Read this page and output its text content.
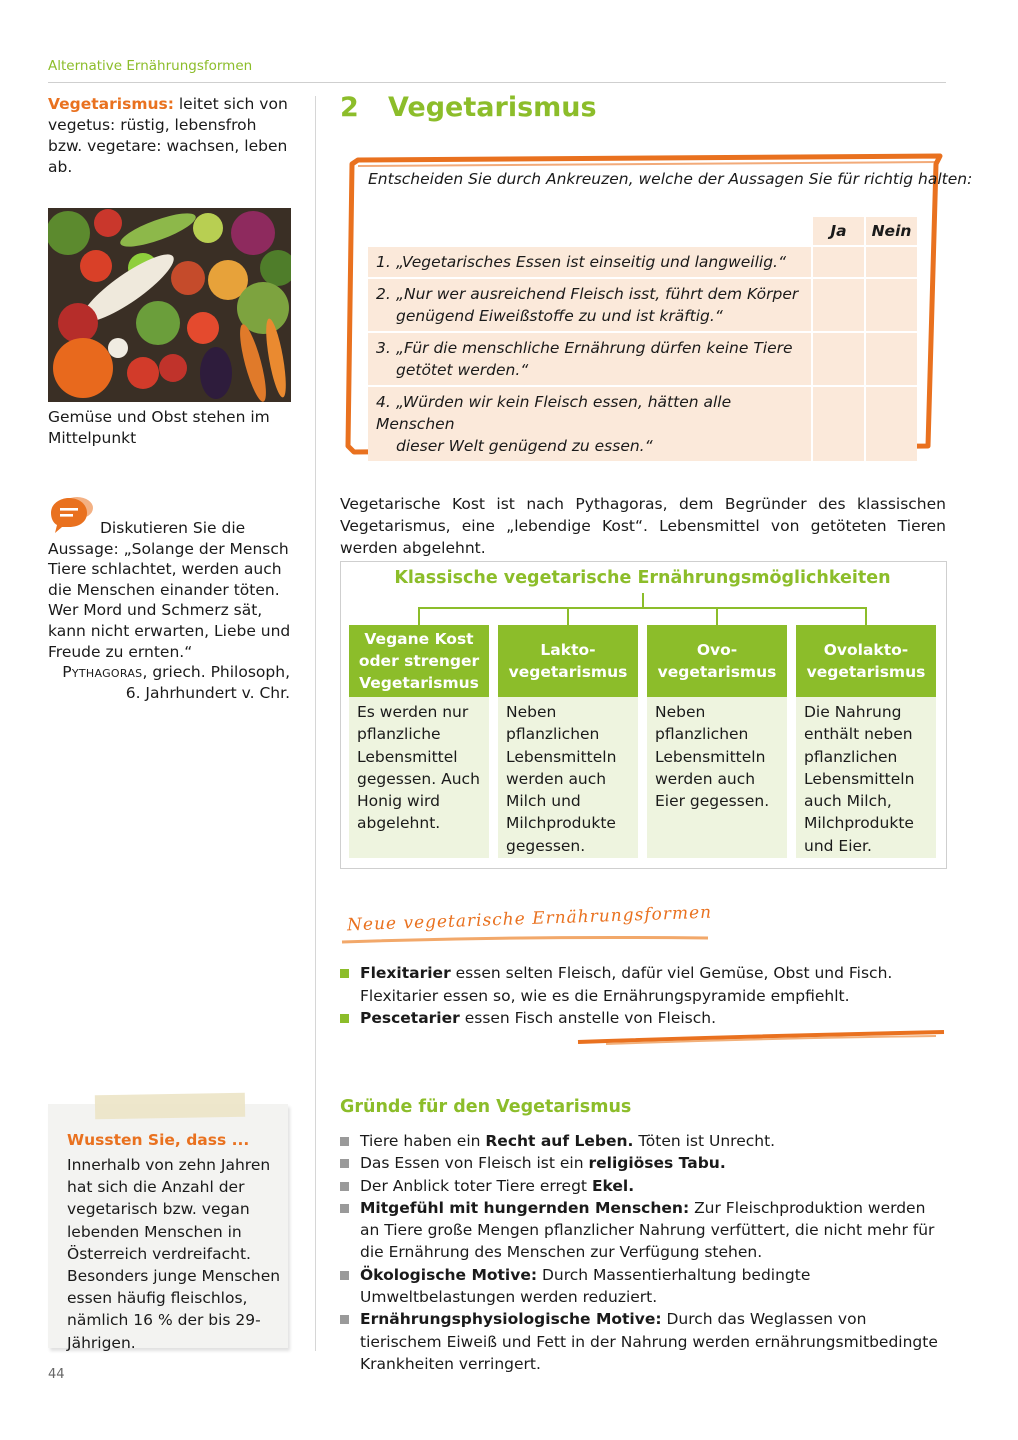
Alternative Ernährungsformen
Vegetarismus: leitet sich von vegetus: rüstig, lebensfroh bzw. vegetare: wachsen, leben ab.
Gemüse und Obst stehen im Mittelpunkt
Diskutieren Sie die
Aussage: „Solange der Mensch Tiere schlachtet, werden auch die Menschen einander töten. Wer Mord und Schmerz sät, kann nicht erwarten, Liebe und Freude zu ernten.“
Pythagoras, griech. Philosoph,
6. Jahrhundert v. Chr.
Wussten Sie, dass ...
Innerhalb von zehn Jahren hat sich die Anzahl der vegetarisch bzw. vegan lebenden Menschen in Österreich verdreifacht. Besonders junge Menschen essen häufig fleischlos, nämlich 16 % der bis 29-Jährigen.
2 Vegetarismus
Entscheiden Sie durch Ankreuzen, welche der Aussagen Sie für richtig halten:
	Ja	Nein
1. „Vegetarisches Essen ist einseitig und langweilig.“		

2. „Nur wer ausreichend Fleisch isst, führt dem Körper
genügend Eiweißstoffe zu und ist kräftig.“		

3. „Für die menschliche Ernährung dürfen keine Tiere
getötet werden.“		

4. „Würden wir kein Fleisch essen, hätten alle Menschen
dieser Welt genügend zu essen.“		

Vegetarische Kost ist nach Pythagoras, dem Begründer des klassischen Vegetarismus, eine „lebendige Kost“. Lebensmittel von getöteten Tieren werden abgelehnt.
Klassische vegetarische Ernährungsmöglichkeiten
Vegane Kost oder strenger Vegetarismus
Es werden nur pflanzliche Lebensmittel gegessen. Auch Honig wird abgelehnt.
Lakto-vegetarismus
Neben pflanzlichen Lebensmitteln werden auch Milch und Milchprodukte gegessen.
Ovo-vegetarismus
Neben pflanzlichen Lebensmitteln werden auch Eier gegessen.
Ovolakto-vegetarismus
Die Nahrung enthält neben pflanzlichen Lebensmitteln auch Milch, Milchprodukte und Eier.
Neue vegetarische Ernährungsformen
Flexitarier essen selten Fleisch, dafür viel Gemüse, Obst und Fisch. Flexitarier essen so, wie es die Ernährungspyramide empfiehlt.
Pescetarier essen Fisch anstelle von Fleisch.
Gründe für den Vegetarismus
Tiere haben ein Recht auf Leben. Töten ist Unrecht.
Das Essen von Fleisch ist ein religiöses Tabu.
Der Anblick toter Tiere erregt Ekel.
Mitgefühl mit hungernden Menschen: Zur Fleischproduktion werden an Tiere große Mengen pflanzlicher Nahrung verfüttert, die nicht mehr für die Ernährung des Menschen zur Verfügung stehen.
Ökologische Motive: Durch Massentierhaltung bedingte Umweltbelastungen werden reduziert.
Ernährungsphysiologische Motive: Durch das Weglassen von tierischem Eiweiß und Fett in der Nahrung werden ernährungsmitbedingte Krankheiten verringert.
44
